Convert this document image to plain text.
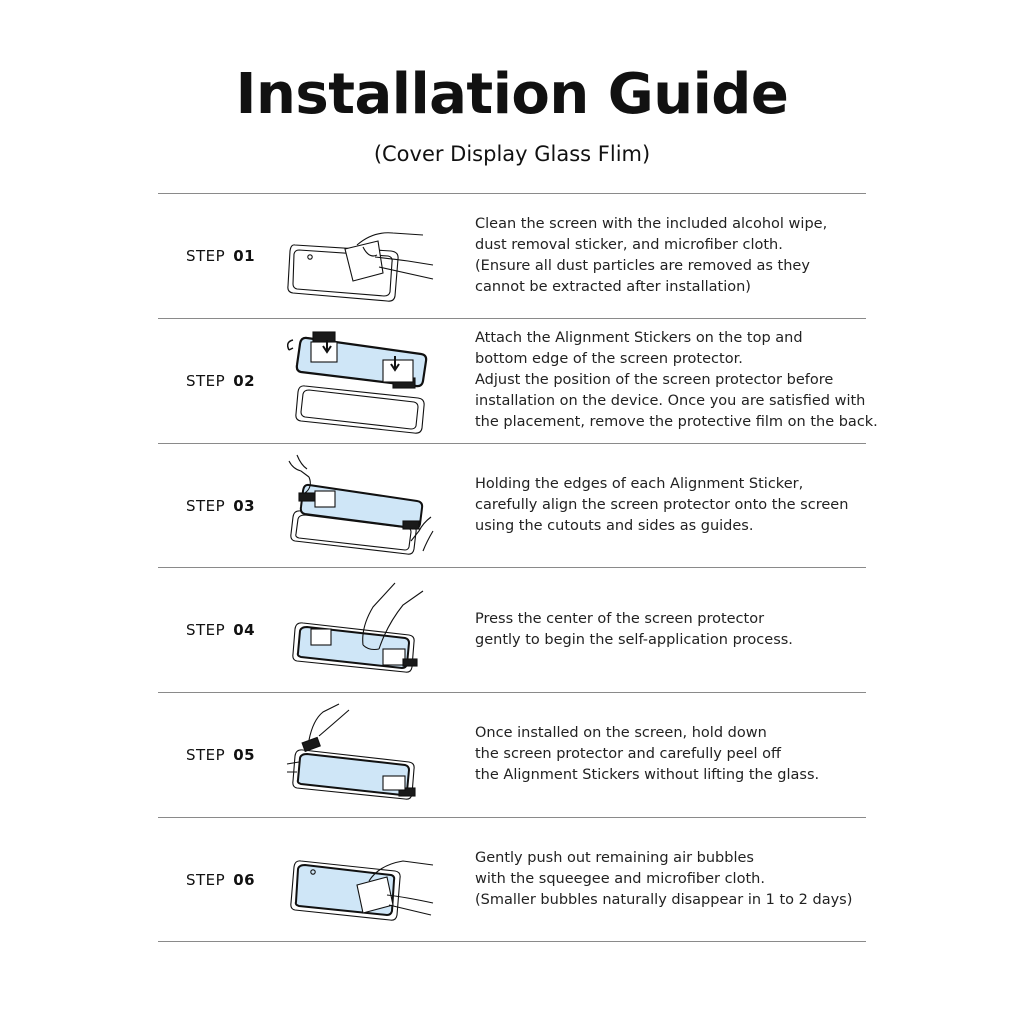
Installation Guide
(Cover Display Glass Flim)
STEP 01
Clean the screen with the included alcohol wipe,
dust removal sticker, and microfiber cloth.
(Ensure all dust particles are removed as they
cannot be extracted after installation)
STEP 02
Attach the Alignment Stickers on the top and
bottom edge of the screen protector.
Adjust the position of the screen protector before
installation on the device. Once you are satisfied with
the placement, remove the protective film on the back.
STEP 03
Holding the edges of each Alignment Sticker,
carefully align the screen protector onto the screen
using the cutouts and sides as guides.
STEP 04
Press the center of the screen protector
gently to begin the self-application process.
STEP 05
Once installed on the screen, hold down
the screen protector and carefully peel off
the Alignment Stickers without lifting the glass.
STEP 06
Gently push out remaining air bubbles
with the squeegee and microfiber cloth.
(Smaller bubbles naturally disappear in 1 to 2 days)
